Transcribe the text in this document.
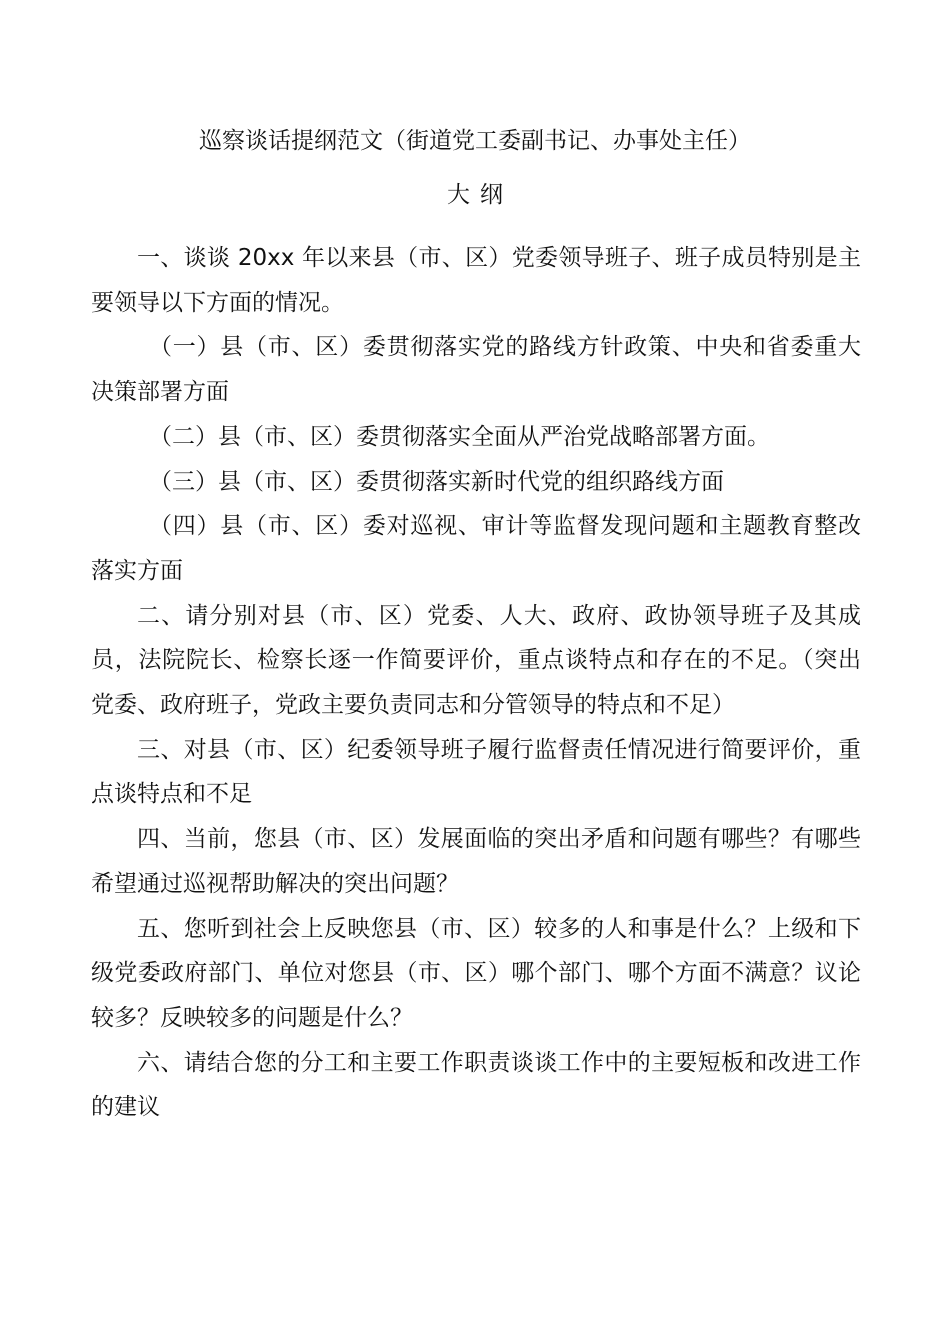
巡察谈话提纲范文（街道党工委副书记、办事处主任）
大纲

一、谈谈 20xx 年以来县（市、区）党委领导班子、班子成员特别是主要领导以下方面的情况。

（一）县（市、区）委贯彻落实党的路线方针政策、中央和省委重大决策部署方面

（二）县（市、区）委贯彻落实全面从严治党战略部署方面。

（三）县（市、区）委贯彻落实新时代党的组织路线方面

（四）县（市、区）委对巡视、审计等监督发现问题和主题教育整改落实方面

二、请分别对县（市、区）党委、人大、政府、政协领导班子及其成员，法院院长、检察长逐一作简要评价，重点谈特点和存在的不足。（突出党委、政府班子，党政主要负责同志和分管领导的特点和不足）

三、对县（市、区）纪委领导班子履行监督责任情况进行简要评价，重点谈特点和不足

四、当前，您县（市、区）发展面临的突出矛盾和问题有哪些？有哪些希望通过巡视帮助解决的突出问题？

五、您听到社会上反映您县（市、区）较多的人和事是什么？上级和下级党委政府部门、单位对您县（市、区）哪个部门、哪个方面不满意？议论较多？反映较多的问题是什么？

六、请结合您的分工和主要工作职责谈谈工作中的主要短板和改进工作的建议
